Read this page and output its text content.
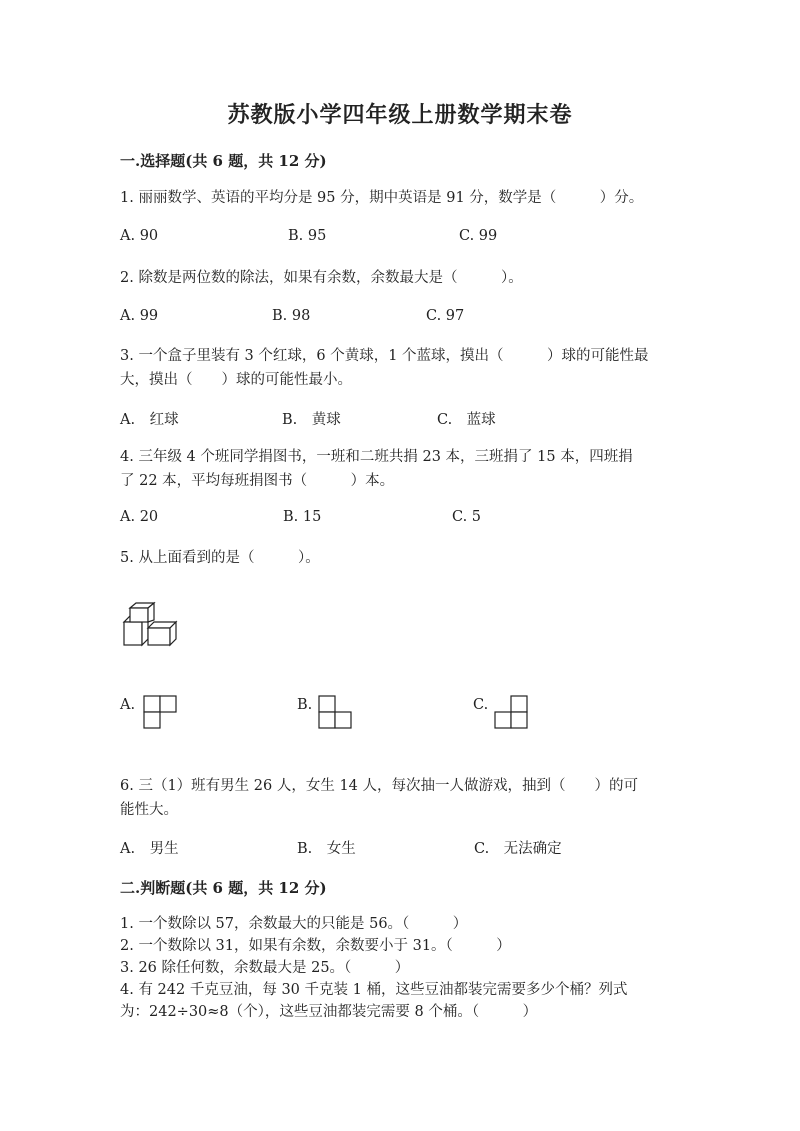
苏教版小学四年级上册数学期末卷
一.选择题(共 6 题，共 12 分)
1. 丽丽数学、英语的平均分是 95 分，期中英语是 91 分，数学是（　　　）分。
A. 90	B. 95	C. 99
2. 除数是两位数的除法，如果有余数，余数最大是（　　　）。
A. 99	B. 98	C. 97
3. 一个盒子里装有 3 个红球，6 个黄球，1 个蓝球，摸出（　　　）球的可能性最
大，摸出（　　）球的可能性最小。
A.　红球	B.　黄球	C.　蓝球
4. 三年级 4 个班同学捐图书，一班和二班共捐 23 本，三班捐了 15 本，四班捐
了 22 本，平均每班捐图书（　　　）本。
A. 20	B. 15	C. 5
5. 从上面看到的是（　　　）。
A.	B.	C.
6. 三（1）班有男生 26 人，女生 14 人，每次抽一人做游戏，抽到（　　）的可
能性大。
A.　男生	B.　女生	C.　无法确定
二.判断题(共 6 题，共 12 分)
1. 一个数除以 57，余数最大的只能是 56。（　　　）
2. 一个数除以 31，如果有余数，余数要小于 31。（　　　）
3. 26 除任何数，余数最大是 25。（　　　）
4. 有 242 千克豆油，每 30 千克装 1 桶，这些豆油都装完需要多少个桶？列式
为：242÷30≈8（个），这些豆油都装完需要 8 个桶。（　　　）
